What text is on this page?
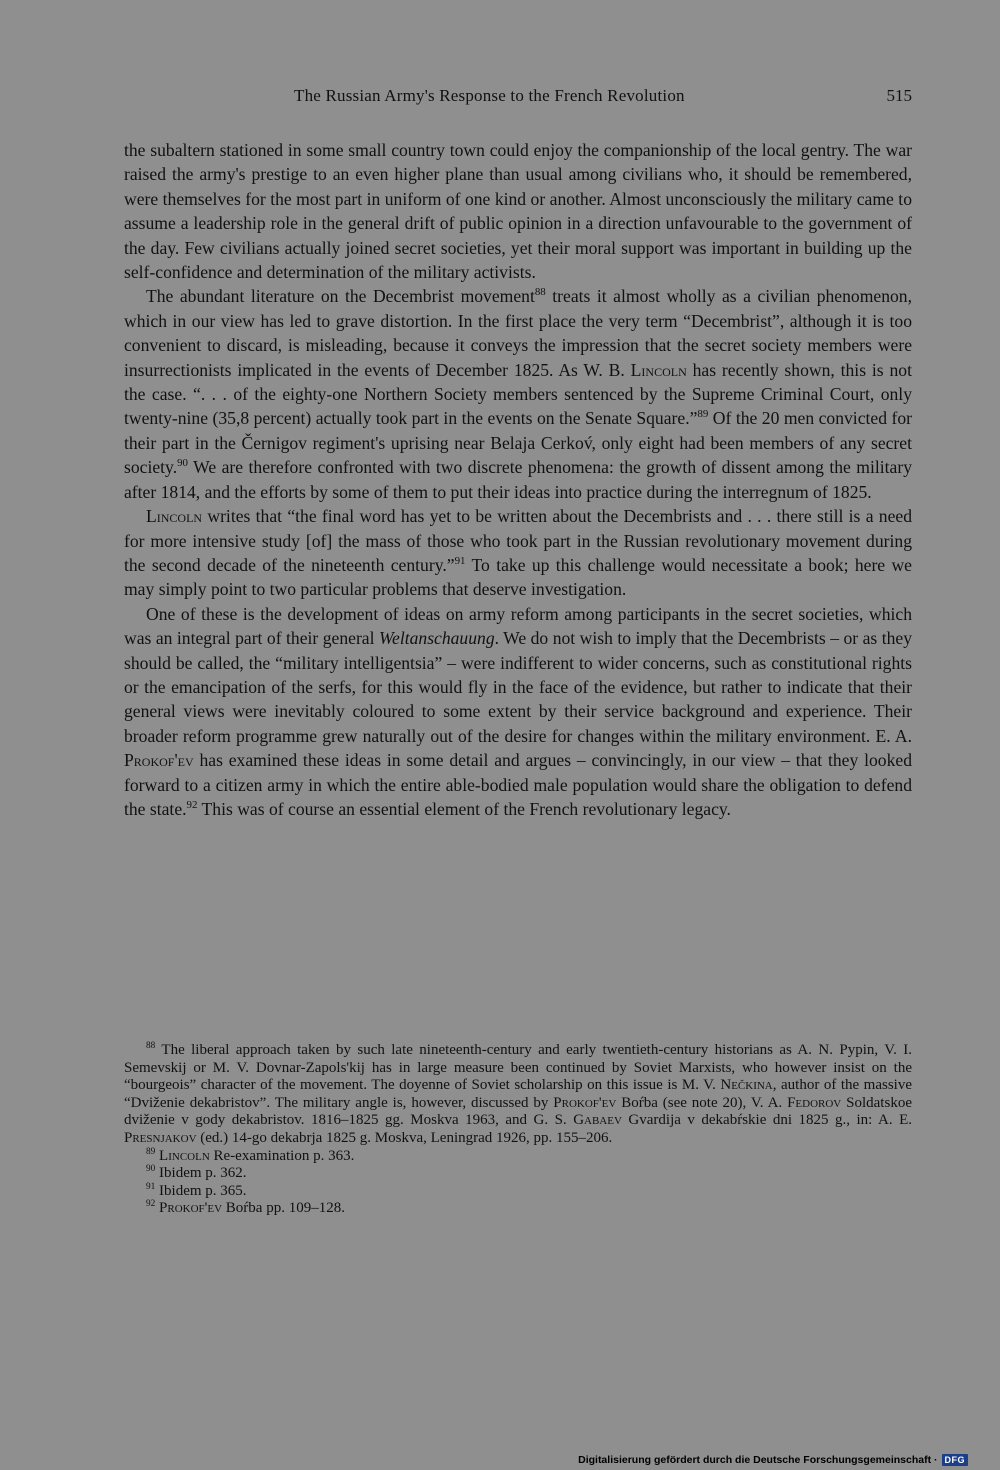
The Russian Army's Response to the French Revolution	515

the subaltern stationed in some small country town could enjoy the companionship of the local gentry. The war raised the army's prestige to an even higher plane than usual among civilians who, it should be remembered, were themselves for the most part in uniform of one kind or another. Almost unconsciously the military came to assume a leadership role in the general drift of public opinion in a direction unfavourable to the government of the day. Few civilians actually joined secret societies, yet their moral support was important in building up the self-confidence and determination of the military activists.

The abundant literature on the Decembrist movement$^{88}$ treats it almost wholly as a civilian phenomenon, which in our view has led to grave distortion. In the first place the very term “Decembrist”, although it is too convenient to discard, is misleading, because it conveys the impression that the secret society members were insurrectionists implicated in the events of December 1825. As W. B. Lincoln has recently shown, this is not the case. “. . . of the eighty-one Northern Society members sentenced by the Supreme Criminal Court, only twenty-nine (35,8 percent) actually took part in the events on the Senate Square.”$^{89}$ Of the 20 men convicted for their part in the Černigov regiment's uprising near Belaja Cerkov́, only eight had been members of any secret society.$^{90}$ We are therefore confronted with two discrete phenomena: the growth of dissent among the military after 1814, and the efforts by some of them to put their ideas into practice during the interregnum of 1825.

Lincoln writes that “the final word has yet to be written about the Decembrists and . . . there still is a need for more intensive study [of] the mass of those who took part in the Russian revolutionary movement during the second decade of the nineteenth century.”$^{91}$ To take up this challenge would necessitate a book; here we may simply point to two particular problems that deserve investigation.

One of these is the development of ideas on army reform among participants in the secret societies, which was an integral part of their general Weltanschauung. We do not wish to imply that the Decembrists – or as they should be called, the “military intelligentsia” – were indifferent to wider concerns, such as constitutional rights or the emancipation of the serfs, for this would fly in the face of the evidence, but rather to indicate that their general views were inevitably coloured to some extent by their service background and experience. Their broader reform programme grew naturally out of the desire for changes within the military environment. E. A. Prokof'ev has examined these ideas in some detail and argues – convincingly, in our view – that they looked forward to a citizen army in which the entire able-bodied male population would share the obligation to defend the state.$^{92}$ This was of course an essential element of the French revolutionary legacy.

$^{88}$ The liberal approach taken by such late nineteenth-century and early twentieth-century historians as A. N. Pypin, V. I. Semevskij or M. V. Dovnar-Zapols'kij has in large measure been continued by Soviet Marxists, who however insist on the “bourgeois” character of the movement. The doyenne of Soviet scholarship on this issue is M. V. Nečkina, author of the massive “Dviženie dekabristov”. The military angle is, however, discussed by Prokof'ev Boŕba (see note 20), V. A. Fedorov Soldatskoe dviženie v gody dekabristov. 1816–1825 gg. Moskva 1963, and G. S. Gabaev Gvardija v dekabŕskie dni 1825 g., in: A. E. Presnjakov (ed.) 14-go dekabrja 1825 g. Moskva, Leningrad 1926, pp. 155–206.

$^{89}$ Lincoln Re-examination p. 363.

$^{90}$ Ibidem p. 362.

$^{91}$ Ibidem p. 365.

$^{92}$ Prokof'ev Boŕba pp. 109–128.

Digitalisierung gefördert durch die Deutsche Forschungsgemeinschaft · DFG
